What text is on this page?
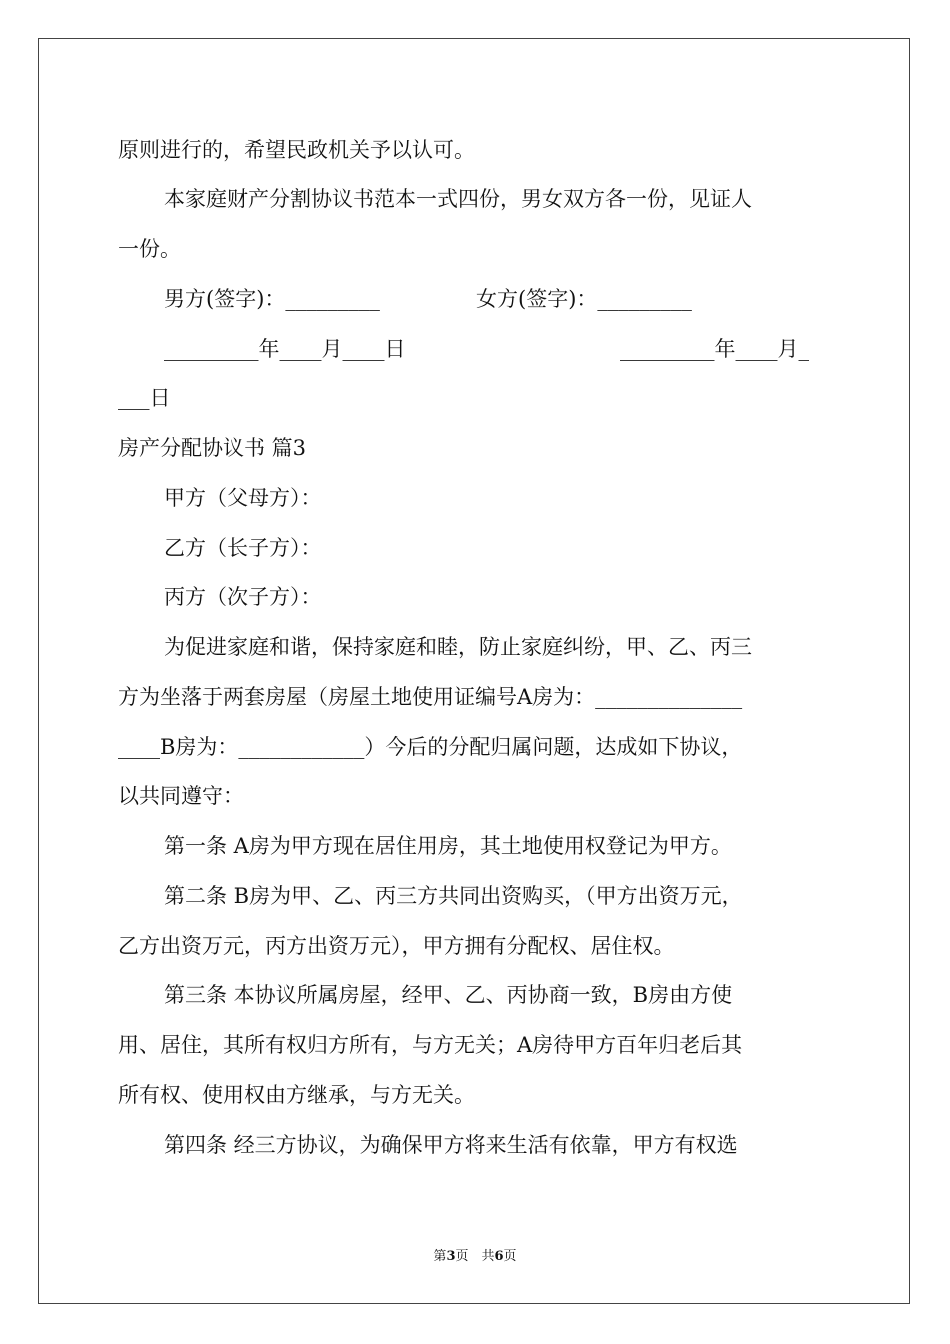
原则进行的，希望民政机关予以认可。
本家庭财产分割协议书范本一式四份，男女双方各一份，见证人
一份。
男方(签字)：_________	女方(签字)：_________
_________年____月____日	_________年____月_
___日
房产分配协议书 篇3
甲方（父母方）：
乙方（长子方）：
丙方（次子方）：
为促进家庭和谐，保持家庭和睦，防止家庭纠纷，甲、乙、丙三
方为坐落于两套房屋（房屋土地使用证编号A房为：______________
____B房为：____________）今后的分配归属问题，达成如下协议，
以共同遵守：
第一条 A房为甲方现在居住用房，其土地使用权登记为甲方。
第二条 B房为甲、乙、丙三方共同出资购买，（甲方出资万元，
乙方出资万元，丙方出资万元），甲方拥有分配权、居住权。
第三条 本协议所属房屋，经甲、乙、丙协商一致，B房由方使
用、居住，其所有权归方所有，与方无关；A房待甲方百年归老后其
所有权、使用权由方继承，与方无关。
第四条 经三方协议，为确保甲方将来生活有依靠，甲方有权选
第3页　共6页
